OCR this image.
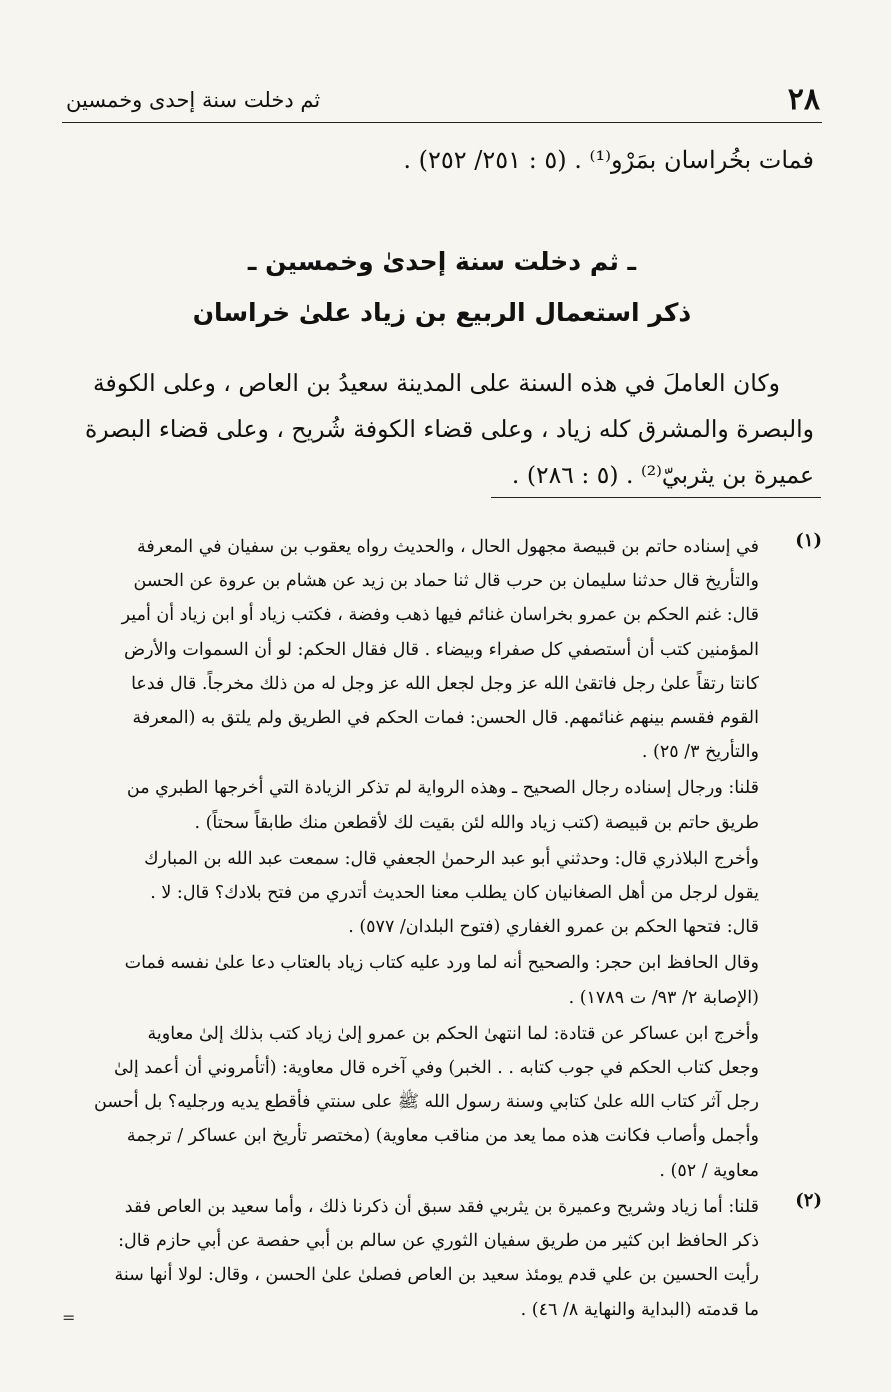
٢٨
ثم دخلت سنة إحدى وخمسين
فمات بخُراسان بمَرْو⁽¹⁾ . (٥ : ٢٥١/ ٢٥٢) .
ـ ثم دخلت سنة إحدىٰ وخمسين ـ
ذكر استعمال الربيع بن زياد علىٰ خراسان
وكان العاملَ في هذه السنة على المدينة سعيدُ بن العاص ، وعلى الكوفة
والبصرة والمشرق كله زياد ، وعلى قضاء الكوفة شُريح ، وعلى قضاء البصرة
عميرة بن يثربيّ⁽²⁾ . (٥ : ٢٨٦) .
(١)
في إسناده حاتم بن قبيصة مجهول الحال ، والحديث رواه يعقوب بن سفيان في المعرفة
والتأريخ قال حدثنا سليمان بن حرب قال ثنا حماد بن زيد عن هشام بن عروة عن الحسن
قال: غنم الحكم بن عمرو بخراسان غنائم فيها ذهب وفضة ، فكتب زياد أو ابن زياد أن أمير
المؤمنين كتب أن أستصفي كل صفراء وبيضاء . قال فقال الحكم: لو أن السموات والأرض
كانتا رتقاً علىٰ رجل فاتقىٰ الله عز وجل لجعل الله عز وجل له من ذلك مخرجاً. قال فدعا
القوم فقسم بينهم غنائمهم. قال الحسن: فمات الحكم في الطريق ولم يلتق به (المعرفة
والتأريخ ٣/ ٢٥) .
قلنا: ورجال إسناده رجال الصحيح ـ وهذه الرواية لم تذكر الزيادة التي أخرجها الطبري من
طريق حاتم بن قبيصة (كتب زياد والله لئن بقيت لك لأقطعن منك طابقاً سحتاً) .
وأخرج البلاذري قال: وحدثني أبو عبد الرحمنٰ الجعفي قال: سمعت عبد الله بن المبارك
يقول لرجل من أهل الصغانيان كان يطلب معنا الحديث أتدري من فتح بلادك؟ قال: لا .
قال: فتحها الحكم بن عمرو الغفاري (فتوح البلدان/ ٥٧٧) .
وقال الحافظ ابن حجر: والصحيح أنه لما ورد عليه كتاب زياد بالعتاب دعا علىٰ نفسه فمات
(الإصابة ٢/ ٩٣/ ت ١٧٨٩) .
وأخرج ابن عساكر عن قتادة: لما انتهىٰ الحكم بن عمرو إلىٰ زياد كتب بذلك إلىٰ معاوية
وجعل كتاب الحكم في جوب كتابه . . الخبر) وفي آخره قال معاوية: (أتأمروني أن أعمد إلىٰ
رجل آثر كتاب الله علىٰ كتابي وسنة رسول الله ﷺ على سنتي فأقطع يديه ورجليه؟ بل أحسن
وأجمل وأصاب فكانت هذه مما يعد من مناقب معاوية) (مختصر تأريخ ابن عساكر / ترجمة
معاوية / ٥٢) .
(٢)
قلنا: أما زياد وشريح وعميرة بن يثربي فقد سبق أن ذكرنا ذلك ، وأما سعيد بن العاص فقد
ذكر الحافظ ابن كثير من طريق سفيان الثوري عن سالم بن أبي حفصة عن أبي حازم قال:
رأيت الحسين بن علي قدم يومئذ سعيد بن العاص فصلىٰ علىٰ الحسن ، وقال: لولا أنها سنة
ما قدمته (البداية والنهاية ٨/ ٤٦) .
=
